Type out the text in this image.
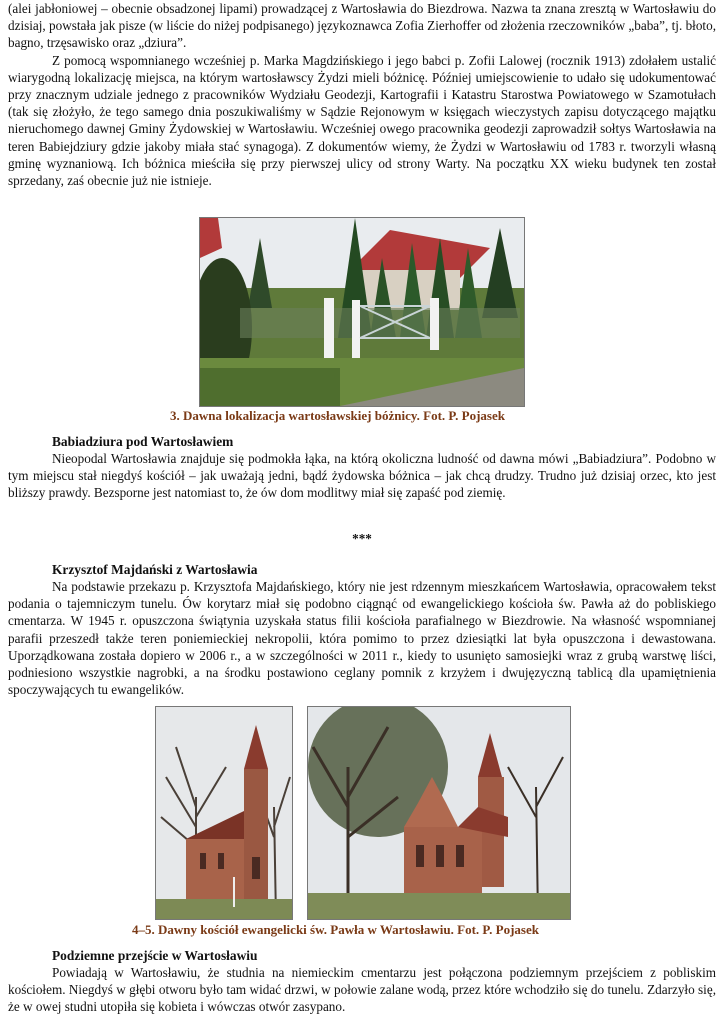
(alei jabłoniowej – obecnie obsadzonej lipami) prowadzącej z Wartosławia do Biezdrowa. Nazwa ta znana zresztą w Wartosławiu do dzisiaj, powstała jak pisze (w liście do niżej podpisanego) językoznawca Zofia Zierhoffer od złożenia rzeczowników „baba”, tj. błoto, bagno, trzęsawisko oraz „dziura”.

Z pomocą wspomnianego wcześniej p. Marka Magdzińskiego i jego babci p. Zofii Lalowej (rocznik 1913) zdołałem ustalić wiarygodną lokalizację miejsca, na którym wartosławscy Żydzi mieli bóżnicę. Później umiejscowienie to udało się udokumentować przy znacznym udziale jednego z pracowników Wydziału Geodezji, Kartografii i Katastru Starostwa Powiatowego w Szamotułach (tak się złożyło, że tego samego dnia poszukiwaliśmy w Sądzie Rejonowym w księgach wieczystych zapisu dotyczącego majątku nieruchomego dawnej Gminy Żydowskiej w Wartosławiu. Wcześniej owego pracownika geodezji zaprowadził sołtys Wartosławia na teren Babiejdziury gdzie jakoby miała stać synagoga). Z dokumentów wiemy, że Żydzi w Wartosławiu od 1783 r. tworzyli własną gminę wyznaniową. Ich bóżnica mieściła się przy pierwszej ulicy od strony Warty. Na początku XX wieku budynek ten został sprzedany, zaś obecnie już nie istnieje.

3. Dawna lokalizacja wartosławskiej bóżnicy. Fot. P. Pojasek

Babiadziura pod Wartosławiem

Nieopodal Wartosławia znajduje się podmokła łąka, na którą okoliczna ludność od dawna mówi „Babiadziura”. Podobno w tym miejscu stał niegdyś kościół – jak uważają jedni, bądź żydowska bóżnica – jak chcą drudzy. Trudno już dzisiaj orzec, kto jest bliższy prawdy. Bezsporne jest natomiast to, że ów dom modlitwy miał się zapaść pod ziemię.

***

Krzysztof Majdański z Wartosławia

Na podstawie przekazu p. Krzysztofa Majdańskiego, który nie jest rdzennym mieszkańcem Wartosławia, opracowałem tekst podania o tajemniczym tunelu. Ów korytarz miał się podobno ciągnąć od ewangelickiego kościoła św. Pawła aż do pobliskiego cmentarza. W 1945 r. opuszczona świątynia uzyskała status filii kościoła parafialnego w Biezdrowie. Na własność wspomnianej parafii przeszedł także teren poniemieckiej nekropolii, która pomimo to przez dziesiątki lat była opuszczona i dewastowana. Uporządkowana została dopiero w 2006 r., a w szczególności w 2011 r., kiedy to usunięto samosiejki wraz z grubą warstwę liści, podniesiono wszystkie nagrobki, a na środku postawiono ceglany pomnik z krzyżem i dwujęzyczną tablicą dla upamiętnienia spoczywających tu ewangelików.

4–5. Dawny kościół ewangelicki św. Pawła w Wartosławiu. Fot. P. Pojasek

Podziemne przejście w Wartosławiu

Powiadają w Wartosławiu, że studnia na niemieckim cmentarzu jest połączona podziemnym przejściem z pobliskim kościołem. Niegdyś w głębi otworu było tam widać drzwi, w połowie zalane wodą, przez które wchodziło się do tunelu. Zdarzyło się, że w owej studni utopiła się kobieta i wówczas otwór zasypano.
